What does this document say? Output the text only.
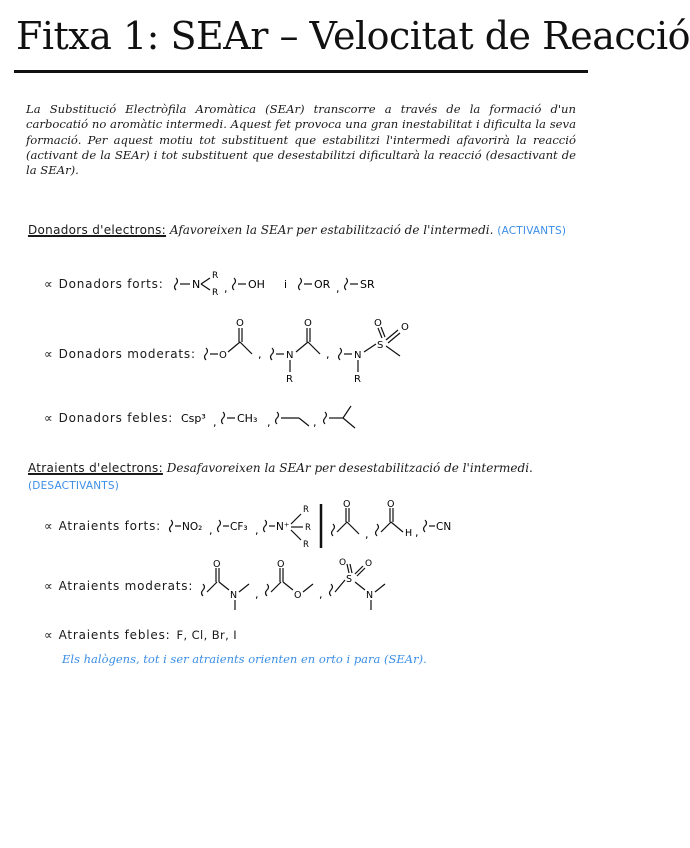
Fitxa 1: SEAr – Velocitat de Reacció
La Substitució Electròfila Aromàtica (SEAr) transcorre a través de la formació d'un carbocatió no aromàtic intermedi. Aquest fet provoca una gran inestabilitat i dificulta la seva formació. Per aquest motiu tot substituent que estabilitzi l'intermedi afavorirà la reacció (activant de la SEAr) i tot substituent que desestabilitzi dificultarà la reacció (desactivant de la SEAr).
Donadors d'electrons: Afavoreixen la SEAr per estabilització de l'intermedi. (ACTIVANTS)
∝ Donadors forts:	N
R
R , OH i OR , SR
∝ Donadors moderats: O
O
, N
R
O
, N
R
S
O O
∝ Donadors febles: Csp³ , CH₃ ,	,
Atraients d'electrons: Desafavoreixen la SEAr per desestabilització de l'intermedi. (DESACTIVANTS)
∝ Atraients forts: NO₂ , CF₃ , N⁺
R
R
R
O
,
O
H , CN
∝ Atraients moderats:
O
N ,
O
O ,
S
O O
N
∝ Atraients febles: F, Cl, Br, I
Els halògens, tot i ser atraients orienten en orto i para (SEAr).
